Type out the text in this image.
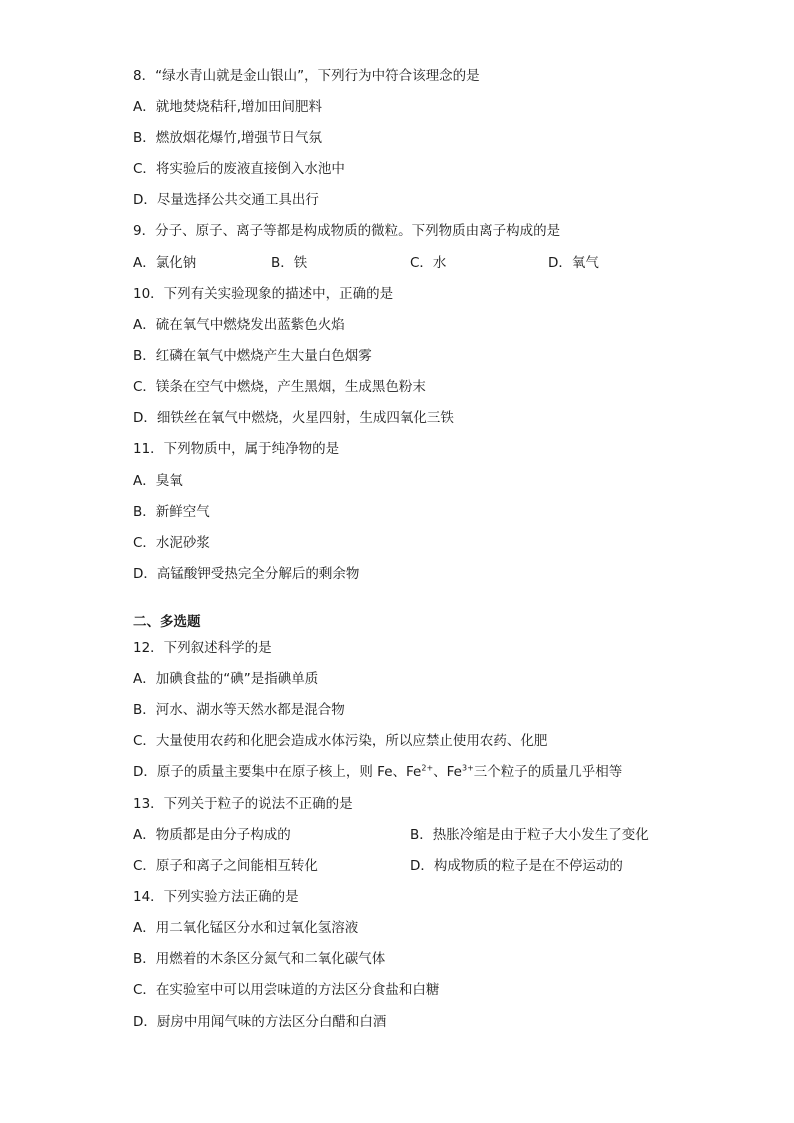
8．“绿水青山就是金山银山”，下列行为中符合该理念的是
A．就地焚烧秸秆,增加田间肥料
B．燃放烟花爆竹,增强节日气氛
C．将实验后的废液直接倒入水池中
D．尽量选择公共交通工具出行
9．分子、原子、离子等都是构成物质的微粒。下列物质由离子构成的是
A．氯化钠	B．铁	C．水	D．氧气
10．下列有关实验现象的描述中，正确的是
A．硫在氧气中燃烧发出蓝紫色火焰
B．红磷在氧气中燃烧产生大量白色烟雾
C．镁条在空气中燃烧，产生黑烟，生成黑色粉末
D．细铁丝在氧气中燃烧，火星四射，生成四氧化三铁
11．下列物质中，属于纯净物的是
A．臭氧
B．新鲜空气
C．水泥砂浆
D．高锰酸钾受热完全分解后的剩余物
二、多选题
12．下列叙述科学的是
A．加碘食盐的“碘”是指碘单质
B．河水、湖水等天然水都是混合物
C．大量使用农药和化肥会造成水体污染，所以应禁止使用农药、化肥
D．原子的质量主要集中在原子核上，则 Fe、$Fe^{2+}$、$Fe^{3+}$三个粒子的质量几乎相等
13．下列关于粒子的说法不正确的是
A．物质都是由分子构成的	B．热胀冷缩是由于粒子大小发生了变化
C．原子和离子之间能相互转化	D．构成物质的粒子是在不停运动的
14．下列实验方法正确的是
A．用二氧化锰区分水和过氧化氢溶液
B．用燃着的木条区分氮气和二氧化碳气体
C．在实验室中可以用尝味道的方法区分食盐和白糖
D．厨房中用闻气味的方法区分白醋和白酒
